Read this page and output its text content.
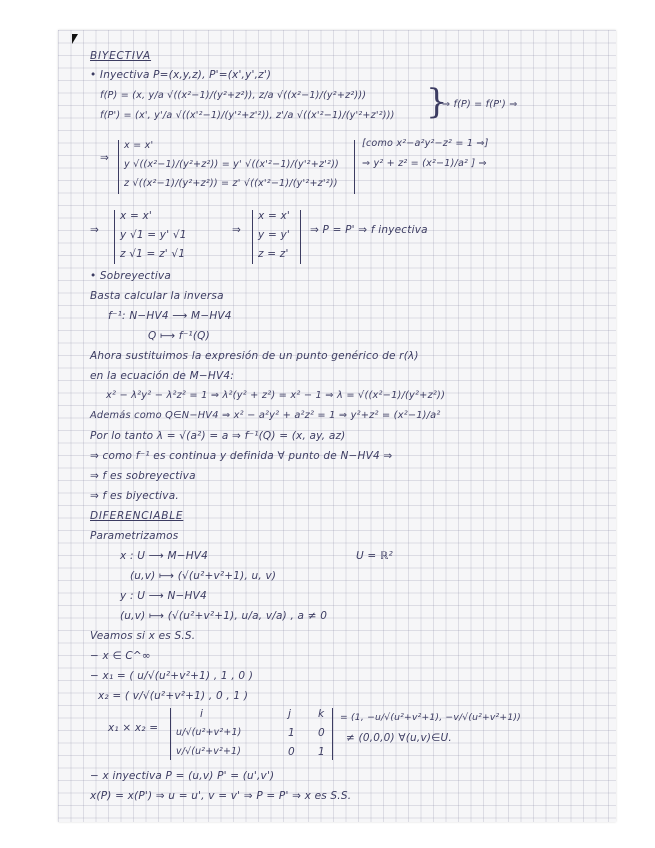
BIYECTIVA
• Inyectiva P=(x,y,z), P'=(x',y',z')
f(P) = (x, y/a √((x²−1)/(y²+z²)), z/a √((x²−1)/(y²+z²)))
f(P') = (x', y'/a √((x'²−1)/(y'²+z'²)), z'/a √((x'²−1)/(y'²+z'²))) }
⇒ f(P) = f(P') ⇒
⇒
x = x'
y √((x²−1)/(y²+z²)) = y' √((x'²−1)/(y'²+z'²))
z √((x²−1)/(y²+z²)) = z' √((x'²−1)/(y'²+z'²))
[como x²−a²y²−z² = 1 ⇒]
⇒ y² + z² = (x²−1)/a² ] ⇒
⇒
x = x'
y √1 = y' √1
z √1 = z' √1
⇒
x = x'
y = y'
z = z'
⇒ P = P' ⇒ f inyectiva
• Sobreyectiva
Basta calcular la inversa
f⁻¹: N−HV4 ⟶ M−HV4
Q ⟼ f⁻¹(Q)
Ahora sustituimos la expresión de un punto genérico de r(λ)
en la ecuación de M−HV4:
x² − λ²y² − λ²z² = 1 ⇒ λ²(y² + z²) = x² − 1 ⇒ λ = √((x²−1)/(y²+z²))
Además como Q∈N−HV4 ⇒ x² − a²y² + a²z² = 1 ⇒ y²+z² = (x²−1)/a²
Por lo tanto λ = √(a²) = a ⇒ f⁻¹(Q) = (x, ay, az)
⇒ como f⁻¹ es continua y definida ∀ punto de N−HV4 ⇒
⇒ f es sobreyectiva
⇒ f es biyectiva.
DIFERENCIABLE
Parametrizamos
x : U ⟶ M−HV4	U = ℝ²
(u,v) ⟼ (√(u²+v²+1), u, v)
y : U ⟶ N−HV4
(u,v) ⟼ (√(u²+v²+1), u/a, v/a) , a ≠ 0
Veamos si x es S.S.
− x ∈ C^∞
− x₁ = ( u/√(u²+v²+1) , 1 , 0 )
x₂ = ( v/√(u²+v²+1) , 0 , 1 )
x₁ × x₂ =
i	j	k
u/√(u²+v²+1)	1 0
v/√(u²+v²+1)	0 1
= (1, −u/√(u²+v²+1), −v/√(u²+v²+1))
≠ (0,0,0) ∀(u,v)∈U.
− x inyectiva P = (u,v) P' = (u',v')
x(P) = x(P') ⇒ u = u', v = v' ⇒ P = P' ⇒ x es S.S.
